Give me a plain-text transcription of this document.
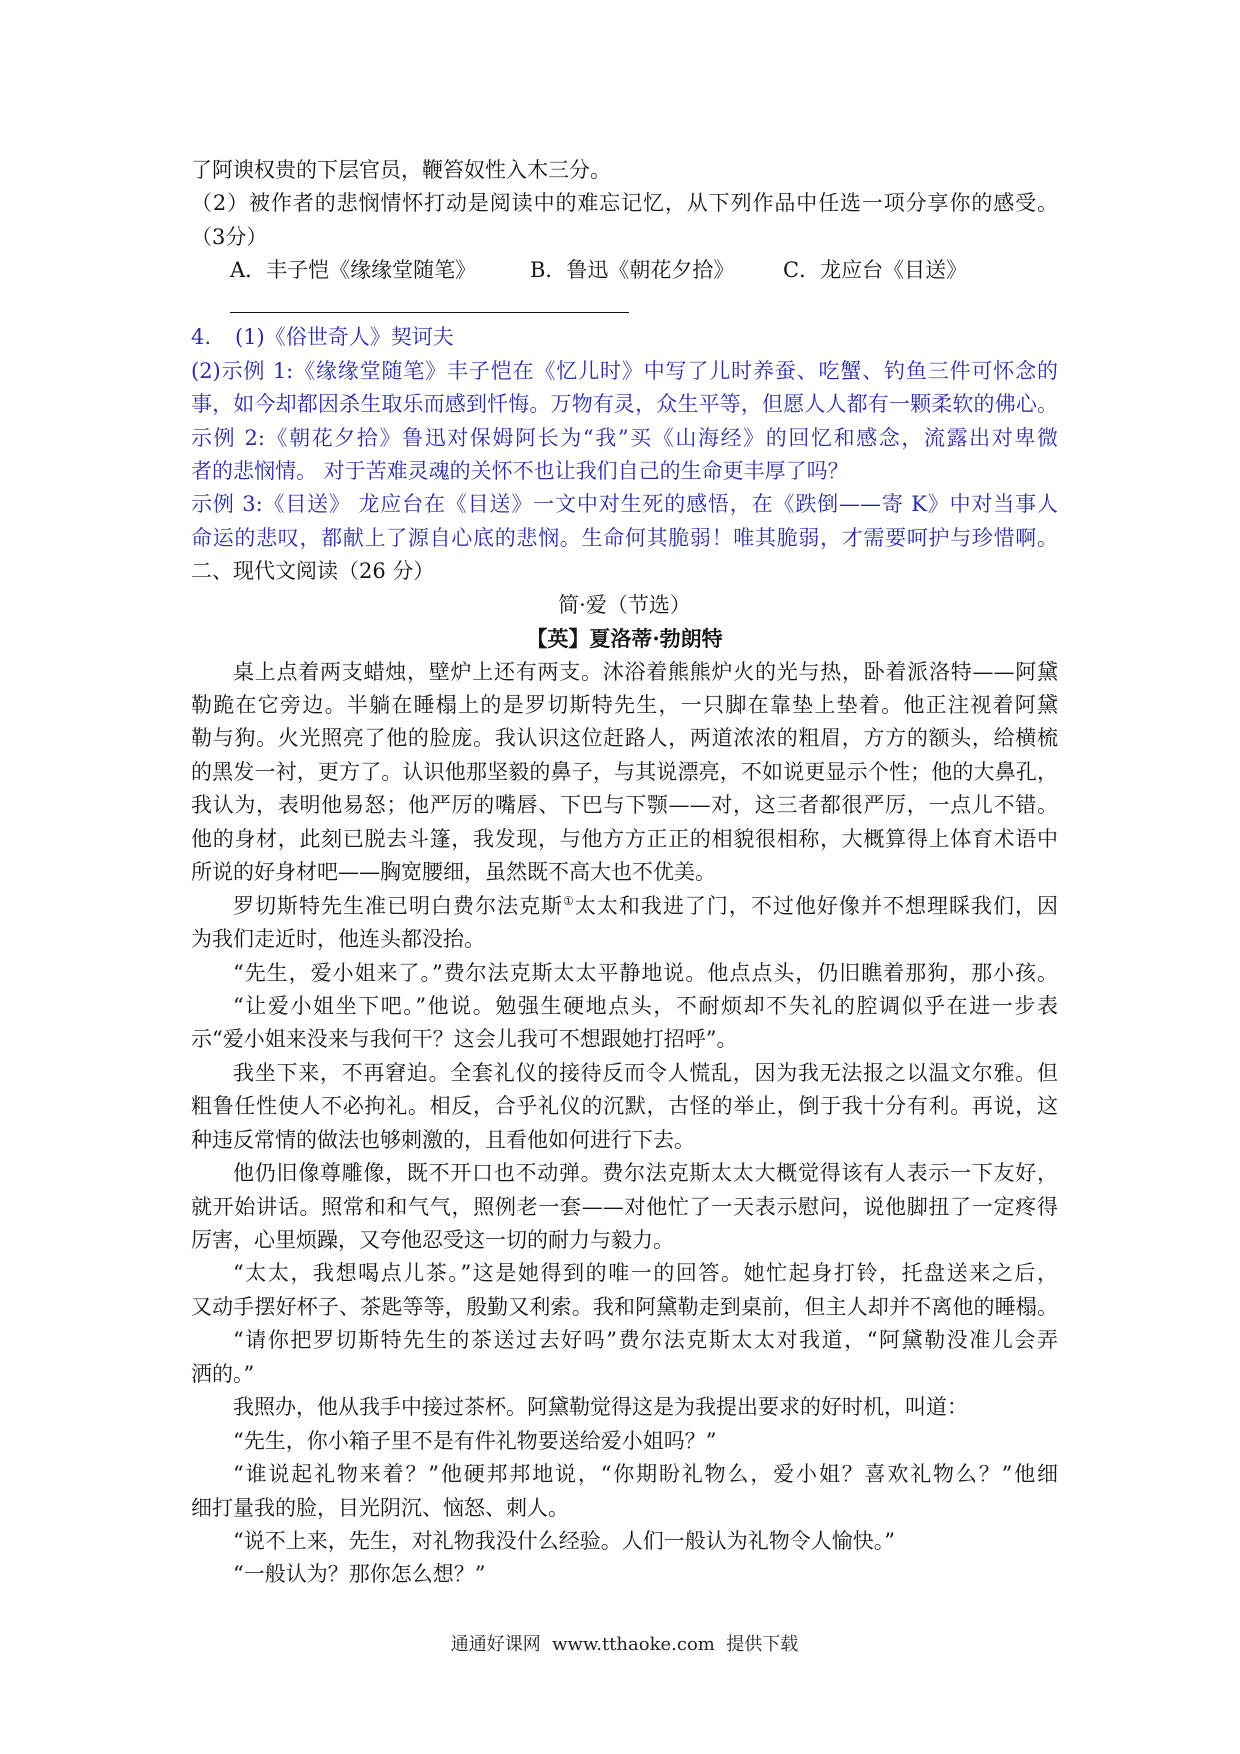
了阿谀权贵的下层官员，鞭笞奴性入木三分。
（2）被作者的悲悯情怀打动是阅读中的难忘记忆，从下列作品中任选一项分享你的感受。
（3分）
A．丰子恺《缘缘堂随笔》	B．鲁迅《朝花夕拾》 C．龙应台《目送》
4. (1)《俗世奇人》契诃夫
(2)示例 1:《缘缘堂随笔》丰子恺在《忆儿时》中写了儿时养蚕、吃蟹、钓鱼三件可怀念的
事，如今却都因杀生取乐而感到忏悔。万物有灵，众生平等，但愿人人都有一颗柔软的佛心。
示例 2:《朝花夕拾》鲁迅对保姆阿长为“我”买《山海经》的回忆和感念，流露出对卑微
者的悲悯情。 对于苦难灵魂的关怀不也让我们自己的生命更丰厚了吗？
示例 3:《目送》 龙应台在《目送》一文中对生死的感悟，在《跌倒——寄 K》中对当事人
命运的悲叹，都献上了源自心底的悲悯。生命何其脆弱！唯其脆弱，才需要呵护与珍惜啊。
二、现代文阅读（26 分）
简·爱（节选）
【英】夏洛蒂·勃朗特
桌上点着两支蜡烛，壁炉上还有两支。沐浴着熊熊炉火的光与热，卧着派洛特——阿黛
勒跪在它旁边。半躺在睡榻上的是罗切斯特先生，一只脚在靠垫上垫着。他正注视着阿黛
勒与狗。火光照亮了他的脸庞。我认识这位赶路人，两道浓浓的粗眉，方方的额头，给横梳
的黑发一衬，更方了。认识他那坚毅的鼻子，与其说漂亮，不如说更显示个性；他的大鼻孔，
我认为，表明他易怒；他严厉的嘴唇、下巴与下颚——对，这三者都很严厉，一点儿不错。
他的身材，此刻已脱去斗篷，我发现，与他方方正正的相貌很相称，大概算得上体育术语中
所说的好身材吧——胸宽腰细，虽然既不高大也不优美。
罗切斯特先生准已明白费尔法克斯①太太和我进了门，不过他好像并不想理睬我们，因
为我们走近时，他连头都没抬。
“先生，爱小姐来了。”费尔法克斯太太平静地说。他点点头，仍旧瞧着那狗，那小孩。
“让爱小姐坐下吧。”他说。勉强生硬地点头，不耐烦却不失礼的腔调似乎在进一步表
示“爱小姐来没来与我何干？这会儿我可不想跟她打招呼”。
我坐下来，不再窘迫。全套礼仪的接待反而令人慌乱，因为我无法报之以温文尔雅。但
粗鲁任性使人不必拘礼。相反，合乎礼仪的沉默，古怪的举止，倒于我十分有利。再说，这
种违反常情的做法也够刺激的，且看他如何进行下去。
他仍旧像尊雕像，既不开口也不动弹。费尔法克斯太太大概觉得该有人表示一下友好，
就开始讲话。照常和和气气，照例老一套——对他忙了一天表示慰问，说他脚扭了一定疼得
厉害，心里烦躁，又夸他忍受这一切的耐力与毅力。
“太太，我想喝点儿茶。”这是她得到的唯一的回答。她忙起身打铃，托盘送来之后，
又动手摆好杯子、茶匙等等，殷勤又利索。我和阿黛勒走到桌前，但主人却并不离他的睡榻。
“请你把罗切斯特先生的茶送过去好吗”费尔法克斯太太对我道，“阿黛勒没准儿会弄
洒的。”
我照办，他从我手中接过茶杯。阿黛勒觉得这是为我提出要求的好时机，叫道：
“先生，你小箱子里不是有件礼物要送给爱小姐吗？”
“谁说起礼物来着？”他硬邦邦地说，“你期盼礼物么，爱小姐？喜欢礼物么？”他细
细打量我的脸，目光阴沉、恼怒、刺人。
“说不上来，先生，对礼物我没什么经验。人们一般认为礼物令人愉快。”
“一般认为？那你怎么想？”
通通好课网  www.tthaoke.com  提供下载
